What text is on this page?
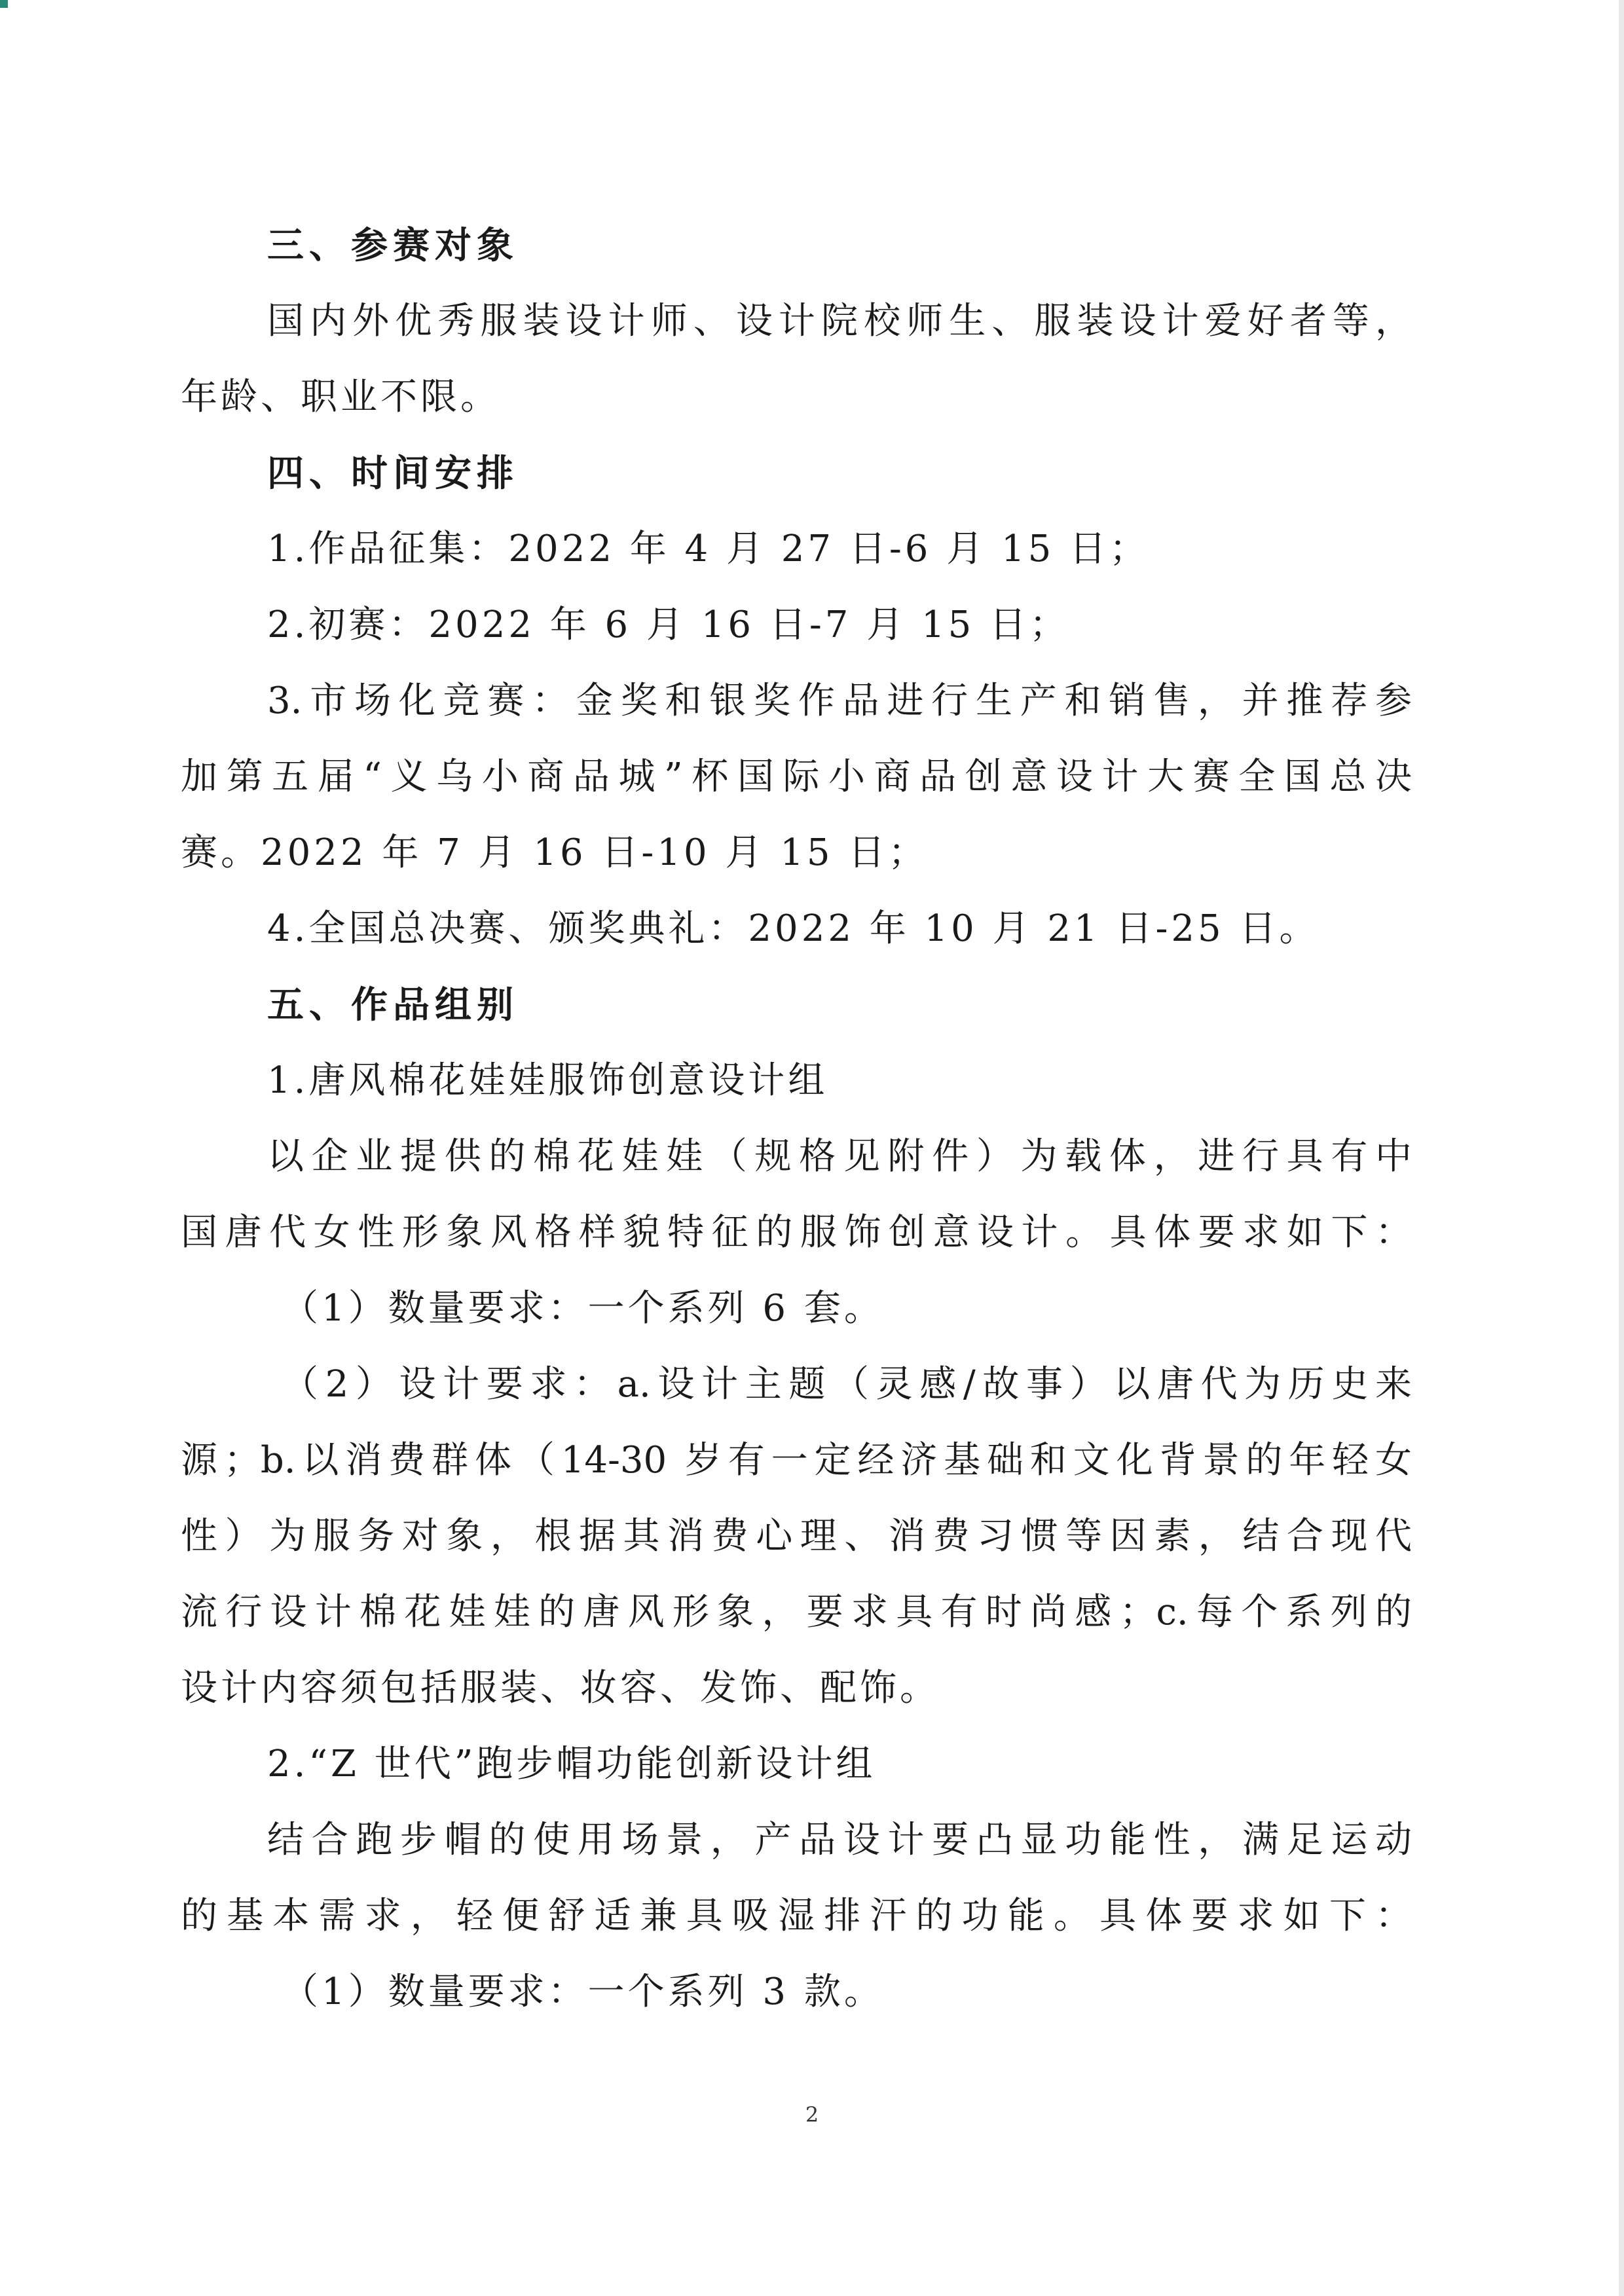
三、参赛对象
国内外优秀服装设计师、设计院校师生、服装设计爱好者等，
年龄、职业不限。
四、时间安排
1.作品征集：2022 年 4 月 27 日-6 月 15 日；
2.初赛：2022 年 6 月 16 日-7 月 15 日；
3.市场化竞赛：金奖和银奖作品进行生产和销售，并推荐参
加第五届“义乌小商品城”杯国际小商品创意设计大赛全国总决
赛。2022 年 7 月 16 日-10 月 15 日；
4.全国总决赛、颁奖典礼：2022 年 10 月 21 日-25 日。
五、作品组别
1.唐风棉花娃娃服饰创意设计组
以企业提供的棉花娃娃（规格见附件）为载体，进行具有中
国唐代女性形象风格样貌特征的服饰创意设计。具体要求如下：
（1）数量要求：一个系列 6 套。
（2）设计要求：a.设计主题（灵感/故事）以唐代为历史来
源；b.以消费群体（14-30 岁有一定经济基础和文化背景的年轻女
性）为服务对象，根据其消费心理、消费习惯等因素，结合现代
流行设计棉花娃娃的唐风形象，要求具有时尚感；c.每个系列的
设计内容须包括服装、妆容、发饰、配饰。
2.“Z 世代”跑步帽功能创新设计组
结合跑步帽的使用场景，产品设计要凸显功能性，满足运动
的基本需求，轻便舒适兼具吸湿排汗的功能。具体要求如下：
（1）数量要求：一个系列 3 款。
2
